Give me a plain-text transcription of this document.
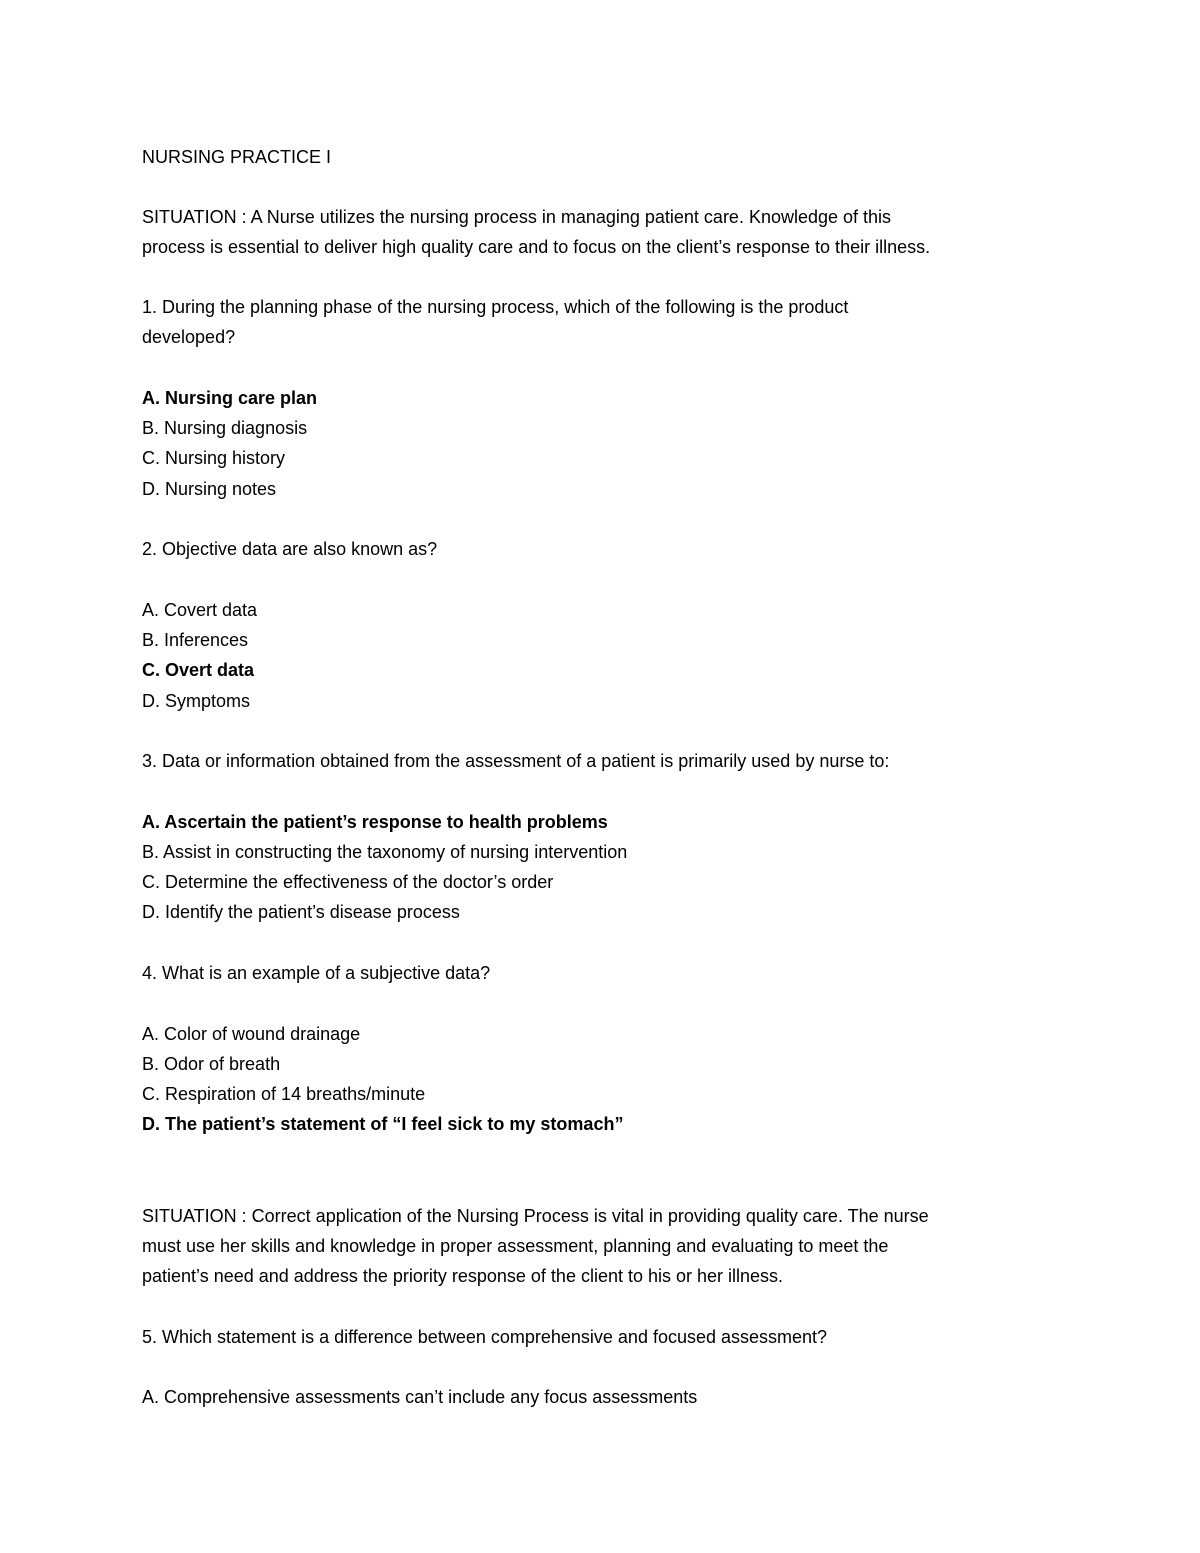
NURSING PRACTICE I
SITUATION : A Nurse utilizes the nursing process in managing patient care. Knowledge of this
process is essential to deliver high quality care and to focus on the client’s response to their illness.
1. During the planning phase of the nursing process, which of the following is the product
developed?
A. Nursing care plan
B. Nursing diagnosis
C. Nursing history
D. Nursing notes
2. Objective data are also known as?
A. Covert data
B. Inferences
C. Overt data
D. Symptoms
3. Data or information obtained from the assessment of a patient is primarily used by nurse to:
A. Ascertain the patient’s response to health problems
B. Assist in constructing the taxonomy of nursing intervention
C. Determine the effectiveness of the doctor’s order
D. Identify the patient’s disease process
4. What is an example of a subjective data?
A. Color of wound drainage
B. Odor of breath
C. Respiration of 14 breaths/minute
D. The patient’s statement of “I feel sick to my stomach”
SITUATION : Correct application of the Nursing Process is vital in providing quality care. The nurse
must use her skills and knowledge in proper assessment, planning and evaluating to meet the
patient’s need and address the priority response of the client to his or her illness.
5. Which statement is a difference between comprehensive and focused assessment?
A. Comprehensive assessments can’t include any focus assessments
